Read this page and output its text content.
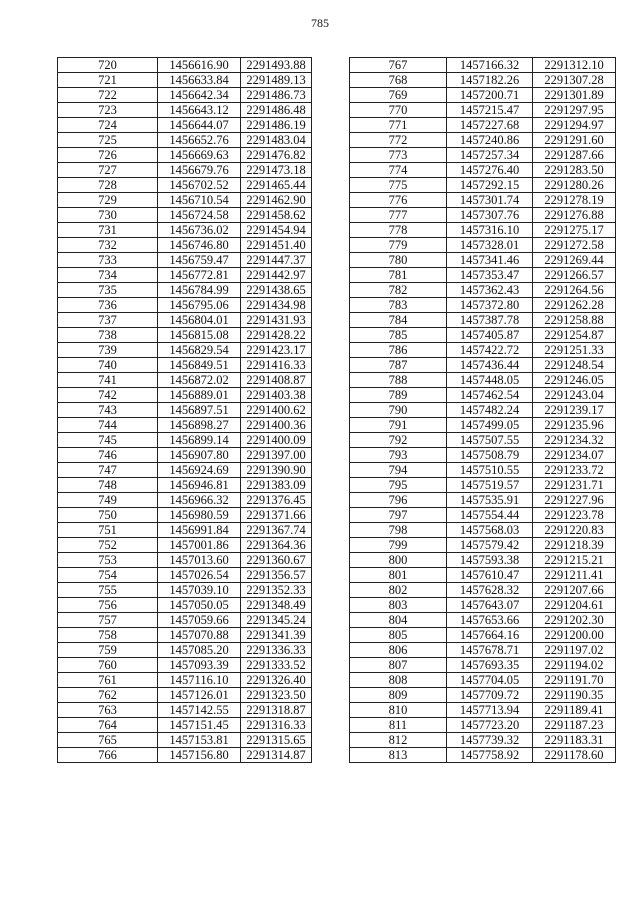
785
720	1456616.90	2291493.88
721	1456633.84	2291489.13
722	1456642.34	2291486.73
723	1456643.12	2291486.48
724	1456644.07	2291486.19
725	1456652.76	2291483.04
726	1456669.63	2291476.82
727	1456679.76	2291473.18
728	1456702.52	2291465.44
729	1456710.54	2291462.90
730	1456724.58	2291458.62
731	1456736.02	2291454.94
732	1456746.80	2291451.40
733	1456759.47	2291447.37
734	1456772.81	2291442.97
735	1456784.99	2291438.65
736	1456795.06	2291434.98
737	1456804.01	2291431.93
738	1456815.08	2291428.22
739	1456829.54	2291423.17
740	1456849.51	2291416.33
741	1456872.02	2291408.87
742	1456889.01	2291403.38
743	1456897.51	2291400.62
744	1456898.27	2291400.36
745	1456899.14	2291400.09
746	1456907.80	2291397.00
747	1456924.69	2291390.90
748	1456946.81	2291383.09
749	1456966.32	2291376.45
750	1456980.59	2291371.66
751	1456991.84	2291367.74
752	1457001.86	2291364.36
753	1457013.60	2291360.67
754	1457026.54	2291356.57
755	1457039.10	2291352.33
756	1457050.05	2291348.49
757	1457059.66	2291345.24
758	1457070.88	2291341.39
759	1457085.20	2291336.33
760	1457093.39	2291333.52
761	1457116.10	2291326.40
762	1457126.01	2291323.50
763	1457142.55	2291318.87
764	1457151.45	2291316.33
765	1457153.81	2291315.65
766	1457156.80	2291314.87
767	1457166.32	2291312.10
768	1457182.26	2291307.28
769	1457200.71	2291301.89
770	1457215.47	2291297.95
771	1457227.68	2291294.97
772	1457240.86	2291291.60
773	1457257.34	2291287.66
774	1457276.40	2291283.50
775	1457292.15	2291280.26
776	1457301.74	2291278.19
777	1457307.76	2291276.88
778	1457316.10	2291275.17
779	1457328.01	2291272.58
780	1457341.46	2291269.44
781	1457353.47	2291266.57
782	1457362.43	2291264.56
783	1457372.80	2291262.28
784	1457387.78	2291258.88
785	1457405.87	2291254.87
786	1457422.72	2291251.33
787	1457436.44	2291248.54
788	1457448.05	2291246.05
789	1457462.54	2291243.04
790	1457482.24	2291239.17
791	1457499.05	2291235.96
792	1457507.55	2291234.32
793	1457508.79	2291234.07
794	1457510.55	2291233.72
795	1457519.57	2291231.71
796	1457535.91	2291227.96
797	1457554.44	2291223.78
798	1457568.03	2291220.83
799	1457579.42	2291218.39
800	1457593.38	2291215.21
801	1457610.47	2291211.41
802	1457628.32	2291207.66
803	1457643.07	2291204.61
804	1457653.66	2291202.30
805	1457664.16	2291200.00
806	1457678.71	2291197.02
807	1457693.35	2291194.02
808	1457704.05	2291191.70
809	1457709.72	2291190.35
810	1457713.94	2291189.41
811	1457723.20	2291187.23
812	1457739.32	2291183.31
813	1457758.92	2291178.60
